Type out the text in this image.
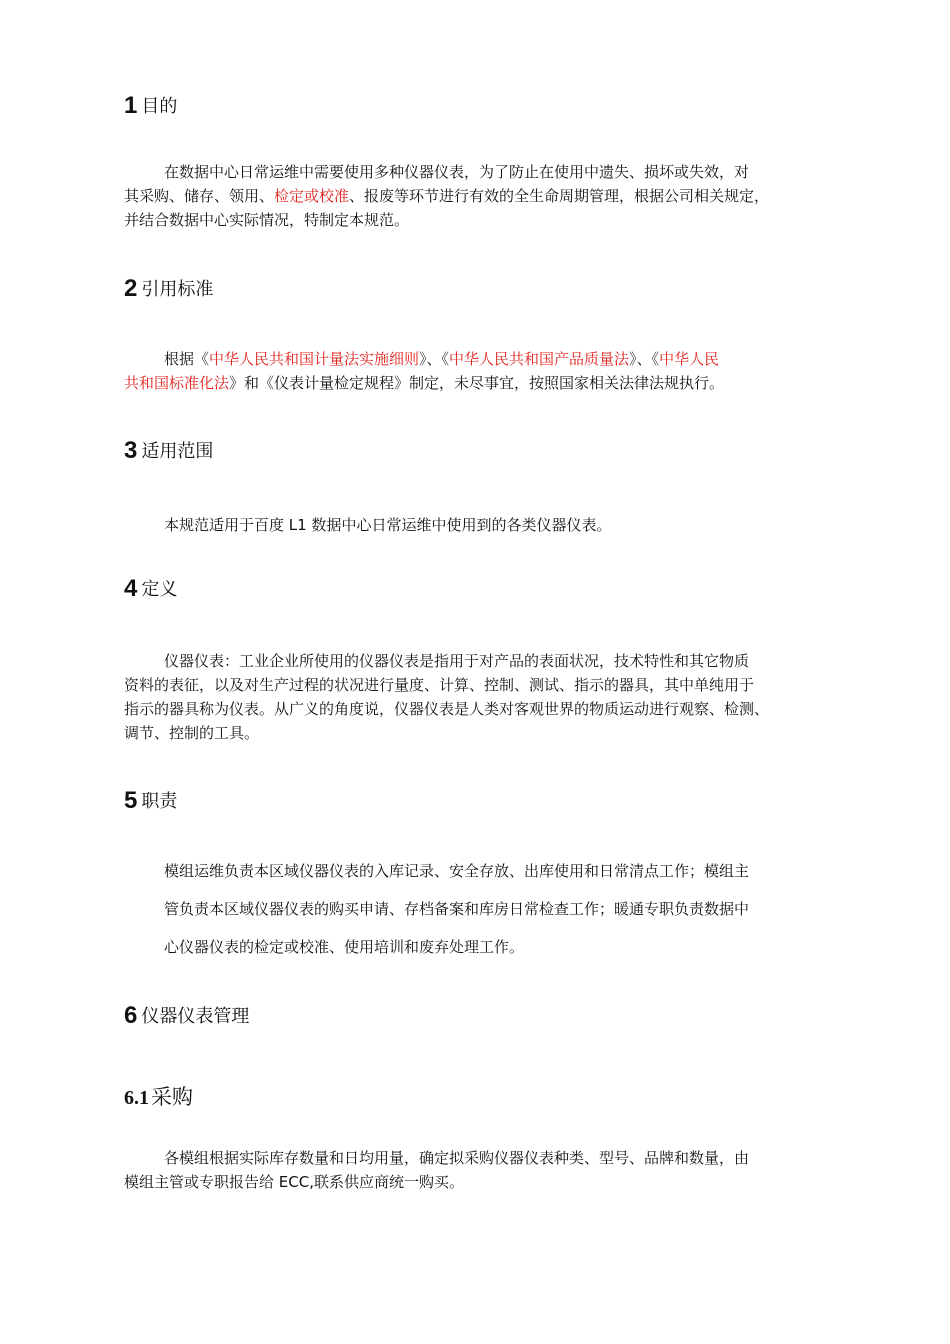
1 目的
在数据中心日常运维中需要使用多种仪器仪表，为了防止在使用中遗失、损坏或失效，对
其采购、储存、领用、检定或校准、报废等环节进行有效的全生命周期管理，根据公司相关规定，
并结合数据中心实际情况，特制定本规范。
2 引用标准
根据《中华人民共和国计量法实施细则》、《中华人民共和国产品质量法》、《中华人民
共和国标准化法》和《仪表计量检定规程》制定，未尽事宜，按照国家相关法律法规执行。
3 适用范围
本规范适用于百度 L1 数据中心日常运维中使用到的各类仪器仪表。
4 定义
仪器仪表：工业企业所使用的仪器仪表是指用于对产品的表面状况，技术特性和其它物质
资料的表征，以及对生产过程的状况进行量度、计算、控制、测试、指示的器具，其中单纯用于
指示的器具称为仪表。从广义的角度说，仪器仪表是人类对客观世界的物质运动进行观察、检测、
调节、控制的工具。
5 职责
模组运维负责本区域仪器仪表的入库记录、安全存放、出库使用和日常清点工作；模组主
管负责本区域仪器仪表的购买申请、存档备案和库房日常检查工作；暖通专职负责数据中
心仪器仪表的检定或校准、使用培训和废弃处理工作。
6 仪器仪表管理
6.1采购
各模组根据实际库存数量和日均用量，确定拟采购仪器仪表种类、型号、品牌和数量，由
模组主管或专职报告给 ECC,联系供应商统一购买。
